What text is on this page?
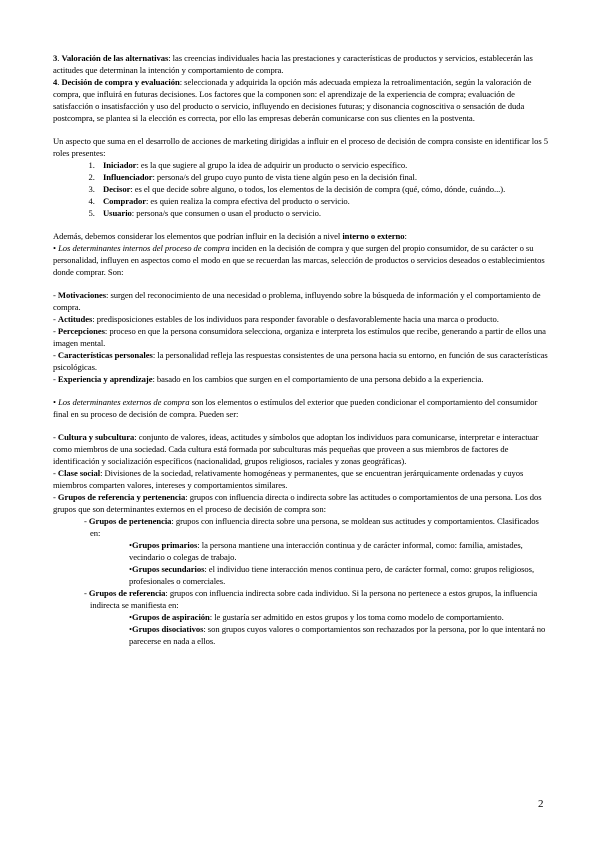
3. Valoración de las alternativas: las creencias individuales hacia las prestaciones y características de productos y servicios, establecerán las actitudes que determinan la intención y comportamiento de compra.

4. Decisión de compra y evaluación: seleccionada y adquirida la opción más adecuada empieza la retroalimentación, según la valoración de compra, que influirá en futuras decisiones. Los factores que la componen son: el aprendizaje de la experiencia de compra; evaluación de satisfacción o insatisfacción y uso del producto o servicio, influyendo en decisiones futuras; y disonancia cognoscitiva o sensación de duda postcompra, se plantea si la elección es correcta, por ello las empresas deberán comunicarse con sus clientes en la postventa.

Un aspecto que suma en el desarrollo de acciones de marketing dirigidas a influir en el proceso de decisión de compra consiste en identificar los 5 roles presentes:

1. Iniciador: es la que sugiere al grupo la idea de adquirir un producto o servicio específico.
2. Influenciador: persona/s del grupo cuyo punto de vista tiene algún peso en la decisión final.
3. Decisor: es el que decide sobre alguno, o todos, los elementos de la decisión de compra (qué, cómo, dónde, cuándo...).
4. Comprador: es quien realiza la compra efectiva del producto o servicio.
5. Usuario: persona/s que consumen o usan el producto o servicio.

Además, debemos considerar los elementos que podrían influir en la decisión a nivel interno o externo:

• Los determinantes internos del proceso de compra inciden en la decisión de compra y que surgen del propio consumidor, de su carácter o su personalidad, influyen en aspectos como el modo en que se recuerdan las marcas, selección de productos o servicios deseados o establecimientos donde comprar. Son:

- Motivaciones: surgen del reconocimiento de una necesidad o problema, influyendo sobre la búsqueda de información y el comportamiento de compra.

- Actitudes: predisposiciones estables de los individuos para responder favorable o desfavorablemente hacia una marca o producto.

- Percepciones: proceso en que la persona consumidora selecciona, organiza e interpreta los estímulos que recibe, generando a partir de ellos una imagen mental.

- Características personales: la personalidad refleja las respuestas consistentes de una persona hacia su entorno, en función de sus características psicológicas.

- Experiencia y aprendizaje: basado en los cambios que surgen en el comportamiento de una persona debido a la experiencia.

• Los determinantes externos de compra son los elementos o estímulos del exterior que pueden condicionar el comportamiento del consumidor final en su proceso de decisión de compra. Pueden ser:

- Cultura y subcultura: conjunto de valores, ideas, actitudes y símbolos que adoptan los individuos para comunicarse, interpretar e interactuar como miembros de una sociedad. Cada cultura está formada por subculturas más pequeñas que proveen a sus miembros de factores de identificación y socialización específicos (nacionalidad, grupos religiosos, raciales y zonas geográficas).

- Clase social: Divisiones de la sociedad, relativamente homogéneas y permanentes, que se encuentran jerárquicamente ordenadas y cuyos miembros comparten valores, intereses y comportamientos similares.

- Grupos de referencia y pertenencia: grupos con influencia directa o indirecta sobre las actitudes o comportamientos de una persona. Los dos grupos que son determinantes externos en el proceso de decisión de compra son:

- Grupos de pertenencia: grupos con influencia directa sobre una persona, se moldean sus actitudes y comportamientos. Clasificados en:

•Grupos primarios: la persona mantiene una interacción continua y de carácter informal, como: familia, amistades, vecindario o colegas de trabajo.

•Grupos secundarios: el individuo tiene interacción menos continua pero, de carácter formal, como: grupos religiosos, profesionales o comerciales.

- Grupos de referencia: grupos con influencia indirecta sobre cada individuo. Si la persona no pertenece a estos grupos, la influencia indirecta se manifiesta en:

•Grupos de aspiración: le gustaría ser admitido en estos grupos y los toma como modelo de comportamiento.

•Grupos disociativos: son grupos cuyos valores o comportamientos son rechazados por la persona, por lo que intentará no parecerse en nada a ellos.

2
